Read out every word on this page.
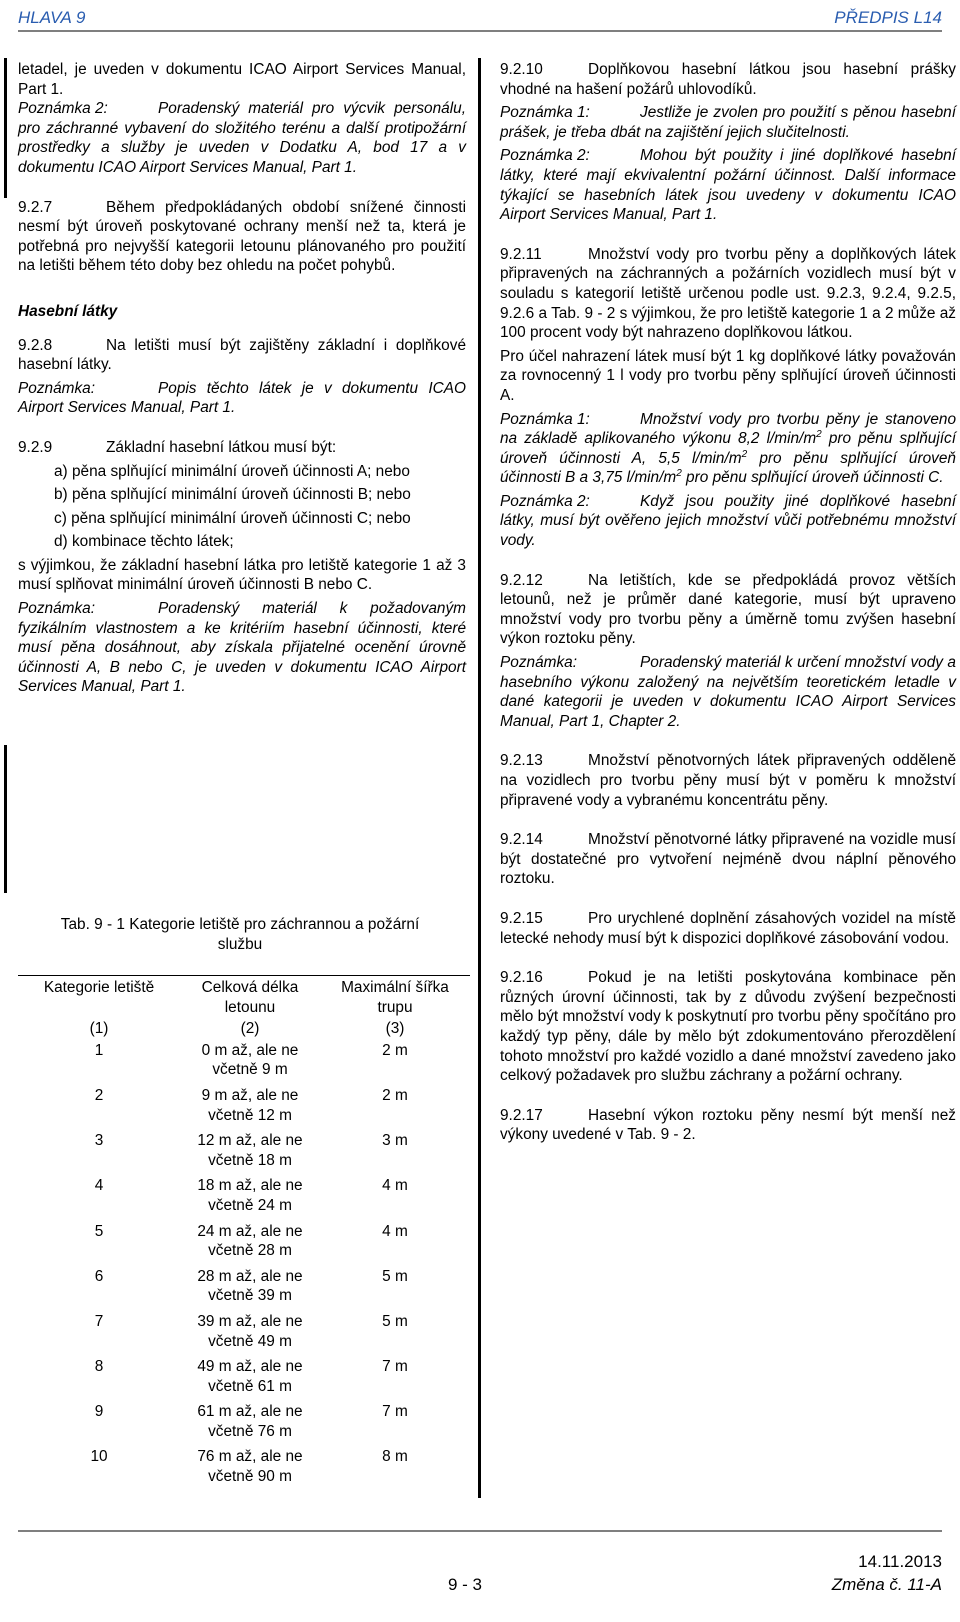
HLAVA 9	PŘEDPIS L14

letadel, je uveden v dokumentu ICAO Airport Services Manual, Part 1.

Poznámka 2:	Poradenský materiál pro výcvik personálu, pro záchranné vybavení do složitého terénu a další protipožární prostředky a služby je uveden v Dodatku A, bod 17 a v dokumentu ICAO Airport Services Manual, Part 1.

9.2.7	Během předpokládaných období snížené činnosti nesmí být úroveň poskytované ochrany menší než ta, která je potřebná pro nejvyšší kategorii letounu plánovaného pro použití na letišti během této doby bez ohledu na počet pohybů.

Hasební látky

9.2.8	Na letišti musí být zajištěny základní i doplňkové hasební látky.

Poznámka:	Popis těchto látek je v dokumentu ICAO Airport Services Manual, Part 1.

9.2.9	Základní hasební látkou musí být:

a) pěna splňující minimální úroveň účinnosti A; nebo
b) pěna splňující minimální úroveň účinnosti B; nebo
c) pěna splňující minimální úroveň účinnosti C; nebo
d) kombinace těchto látek;

s výjimkou, že základní hasební látka pro letiště kategorie 1 až 3 musí splňovat minimální úroveň účinnosti B nebo C.

Poznámka:	Poradenský materiál k požadovaným fyzikálním vlastnostem a ke kritériím hasební účinnosti, které musí pěna dosáhnout, aby získala přijatelné ocenění úrovně účinnosti A, B nebo C, je uveden v dokumentu ICAO Airport Services Manual, Part 1.

Tab. 9 - 1 Kategorie letiště pro záchrannou a požární službu
Kategorie letiště	Celková délka letounu	Maximální šířka trupu
(1)	(2)	(3)
1	0 m až, ale ne včetně 9 m	2 m
2	9 m až, ale ne včetně 12 m	2 m
3	12 m až, ale ne včetně 18 m	3 m
4	18 m až, ale ne včetně 24 m	4 m
5	24 m až, ale ne včetně 28 m	4 m
6	28 m až, ale ne včetně 39 m	5 m
7	39 m až, ale ne včetně 49 m	5 m
8	49 m až, ale ne včetně 61 m	7 m
9	61 m až, ale ne včetně 76 m	7 m
10	76 m až, ale ne včetně 90 m	8 m

9.2.10	Doplňkovou hasební látkou jsou hasební prášky vhodné na hašení požárů uhlovodíků.

Poznámka 1:	Jestliže je zvolen pro použití s pěnou hasební prášek, je třeba dbát na zajištění jejich slučitelnosti.

Poznámka 2:	Mohou být použity i jiné doplňkové hasební látky, které mají ekvivalentní požární účinnost. Další informace týkající se hasebních látek jsou uvedeny v dokumentu ICAO Airport Services Manual, Part 1.

9.2.11	Množství vody pro tvorbu pěny a doplňkových látek připravených na záchranných a požárních vozidlech musí být v souladu s kategorií letiště určenou podle ust. 9.2.3, 9.2.4, 9.2.5, 9.2.6 a Tab. 9 - 2 s výjimkou, že pro letiště kategorie 1 a 2 může až 100 procent vody být nahrazeno doplňkovou látkou.

Pro účel nahrazení látek musí být 1 kg doplňkové látky považován za rovnocenný 1 l vody pro tvorbu pěny splňující úroveň účinnosti A.

Poznámka 1:	Množství vody pro tvorbu pěny je stanoveno na základě aplikovaného výkonu 8,2 $l/\min/m^2$ pro pěnu splňující úroveň účinnosti A, 5,5 $l/\min/m^2$ pro pěnu splňující úroveň účinnosti B a 3,75 $l/\min/m^2$ pro pěnu splňující úroveň účinnosti C.

Poznámka 2:	Když jsou použity jiné doplňkové hasební látky, musí být ověřeno jejich množství vůči potřebnému množství vody.

9.2.12	Na letištích, kde se předpokládá provoz větších letounů, než je průměr dané kategorie, musí být upraveno množství vody pro tvorbu pěny a úměrně tomu zvýšen hasební výkon roztoku pěny.

Poznámka:	Poradenský materiál k určení množství vody a hasebního výkonu založený na největším teoretickém letadle v dané kategorii je uveden v dokumentu ICAO Airport Services Manual, Part 1, Chapter 2.

9.2.13	Množství pěnotvorných látek připravených odděleně na vozidlech pro tvorbu pěny musí být v poměru k množství připravené vody a vybranému koncentrátu pěny.

9.2.14	Množství pěnotvorné látky připravené na vozidle musí být dostatečné pro vytvoření nejméně dvou náplní pěnového roztoku.

9.2.15	Pro urychlené doplnění zásahových vozidel na místě letecké nehody musí být k dispozici doplňkové zásobování vodou.

9.2.16	Pokud je na letišti poskytována kombinace pěn různých úrovní účinnosti, tak by z důvodu zvýšení bezpečnosti mělo být množství vody k poskytnutí pro tvorbu pěny spočítáno pro každý typ pěny, dále by mělo být zdokumentováno přerozdělení tohoto množství pro každé vozidlo a dané množství zavedeno jako celkový požadavek pro službu záchrany a požární ochrany.

9.2.17	Hasební výkon roztoku pěny nesmí být menší než výkony uvedené v Tab. 9 - 2.

9 - 3
14.11.2013
Změna č. 11-A
